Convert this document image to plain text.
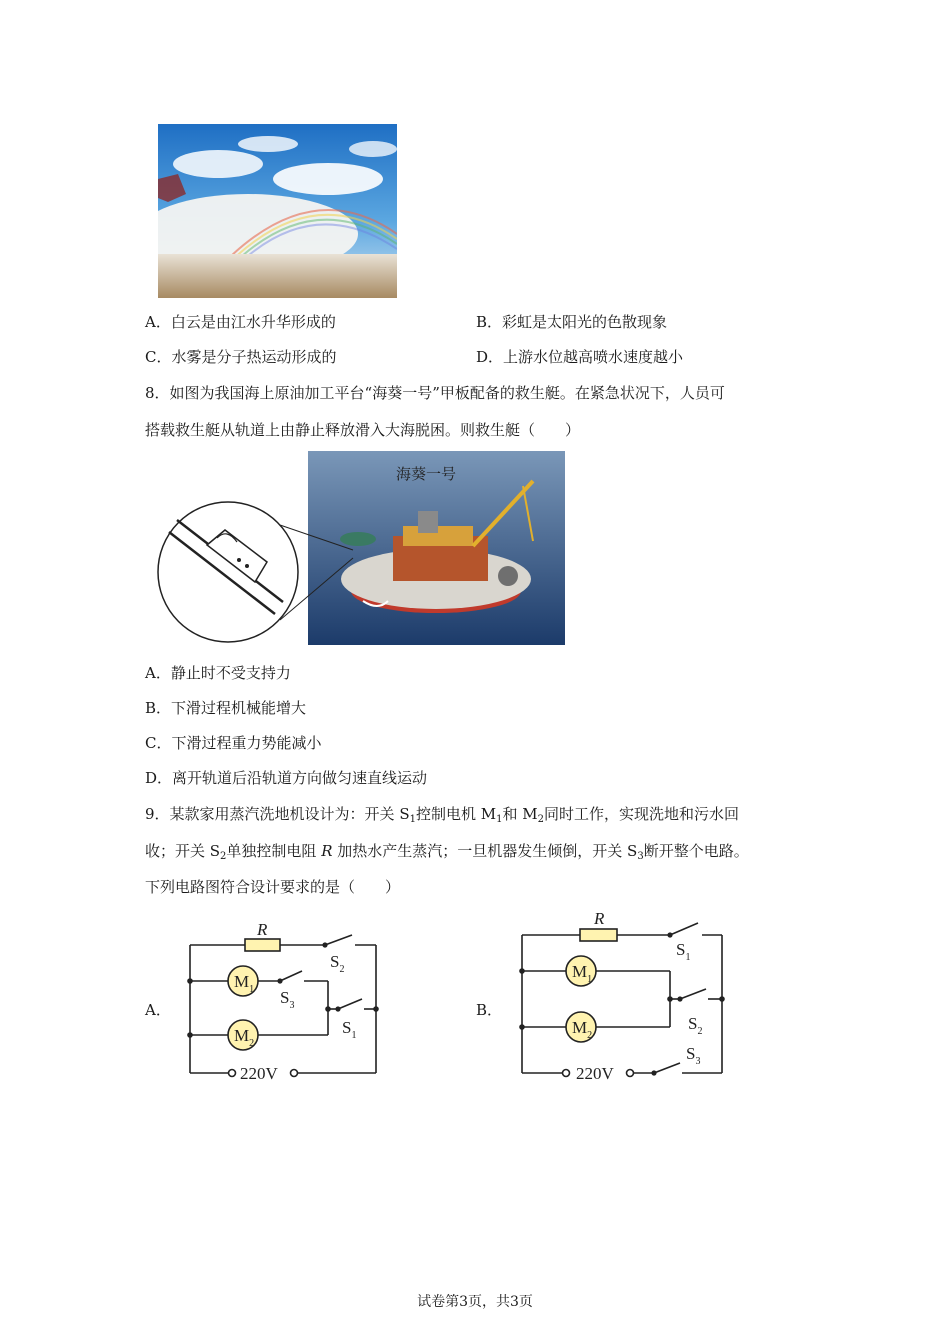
A．白云是由江水升华形成的	B．彩虹是太阳光的色散现象
C．水雾是分子热运动形成的	D．上游水位越高喷水速度越小
8．如图为我国海上原油加工平台“海葵一号”甲板配备的救生艇。在紧急状况下，人员可
搭载救生艇从轨道上由静止释放滑入大海脱困。则救生艇（　　）
海葵一号
A．静止时不受支持力
B．下滑过程机械能增大
C．下滑过程重力势能减小
D．离开轨道后沿轨道方向做匀速直线运动
9．某款家用蒸汽洗地机设计为：开关 $S_1$控制电机 $M_1$和 $M_2$同时工作，实现洗地和污水回
收；开关 $S_2$单独控制电阻 R 加热水产生蒸汽；一旦机器发生倾倒，开关 $S_3$断开整个电路。
下列电路图符合设计要求的是（　　）
A．
R
$M_1$
$M_2$
$S_2$
$S_3$
$S_1$
220V
B．
R
$M_1$
$M_2$
$S_1$
$S_2$
$S_3$
220V
试卷第3页，共3页
